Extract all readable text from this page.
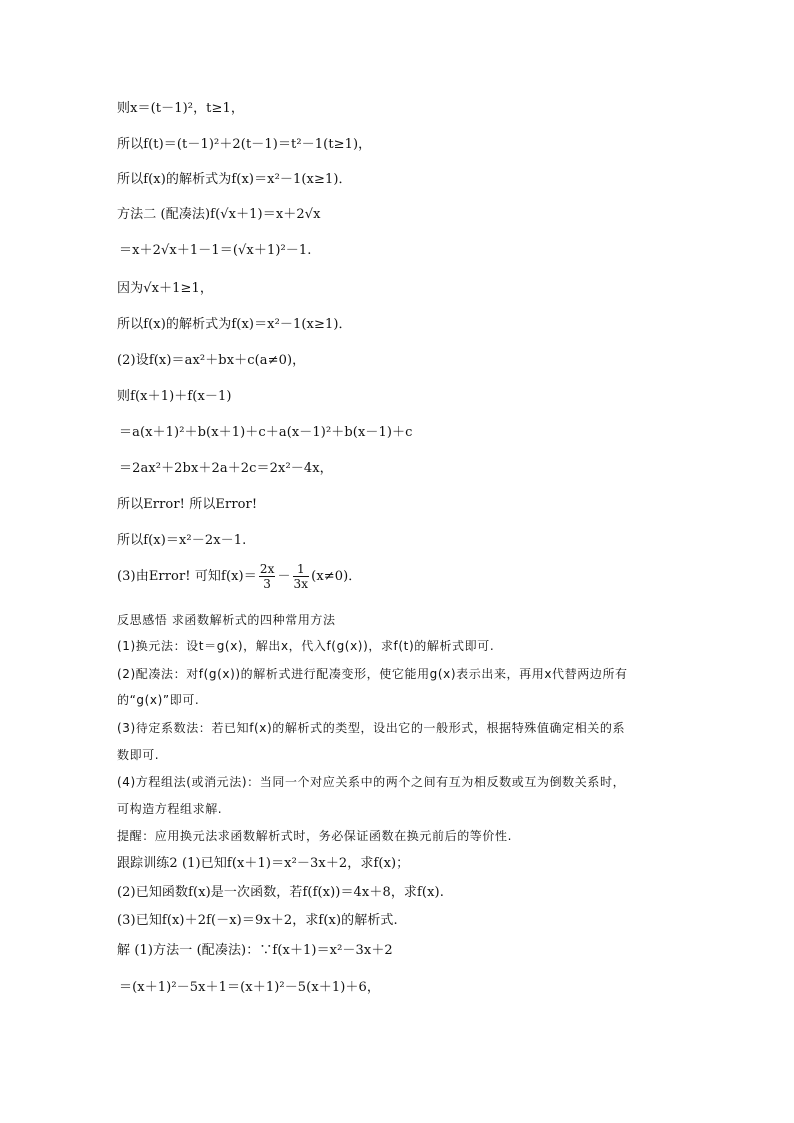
则x＝(t－1)²，t≥1，
所以f(t)＝(t－1)²＋2(t－1)＝t²－1(t≥1)，
所以f(x)的解析式为f(x)＝x²－1(x≥1)．
方法二 (配凑法)f(√x＋1)＝x＋2√x
＝x＋2√x＋1－1＝(√x＋1)²－1.
因为√x＋1≥1，
所以f(x)的解析式为f(x)＝x²－1(x≥1)．
(2)设f(x)＝ax²＋bx＋c(a≠0)，
则f(x＋1)＋f(x－1)
＝a(x＋1)²＋b(x＋1)＋c＋a(x－1)²＋b(x－1)＋c
＝2ax²＋2bx＋2a＋2c＝2x²－4x，
所以Error! 所以Error!
所以f(x)＝x²－2x－1.
(3)由Error! 可知$f(x)= \frac{2x}{3} - \frac{1}{3x} (x\ne 0)$．
反思感悟 求函数解析式的四种常用方法
(1)换元法：设t＝g(x)，解出x，代入f(g(x))，求f(t)的解析式即可.
(2)配凑法：对f(g(x))的解析式进行配凑变形，使它能用g(x)表示出来，再用x代替两边所有
的“g(x)”即可.
(3)待定系数法：若已知f(x)的解析式的类型，设出它的一般形式，根据特殊值确定相关的系
数即可.
(4)方程组法(或消元法)：当同一个对应关系中的两个之间有互为相反数或互为倒数关系时，
可构造方程组求解.
提醒：应用换元法求函数解析式时，务必保证函数在换元前后的等价性.
跟踪训练2 (1)已知f(x＋1)＝x²－3x＋2，求f(x)；
(2)已知函数f(x)是一次函数，若f(f(x))＝4x＋8，求f(x).
(3)已知f(x)＋2f(－x)＝9x＋2，求f(x)的解析式.
解 (1)方法一 (配凑法)：∵f(x＋1)＝x²－3x＋2
＝(x＋1)²－5x＋1＝(x＋1)²－5(x＋1)＋6，
